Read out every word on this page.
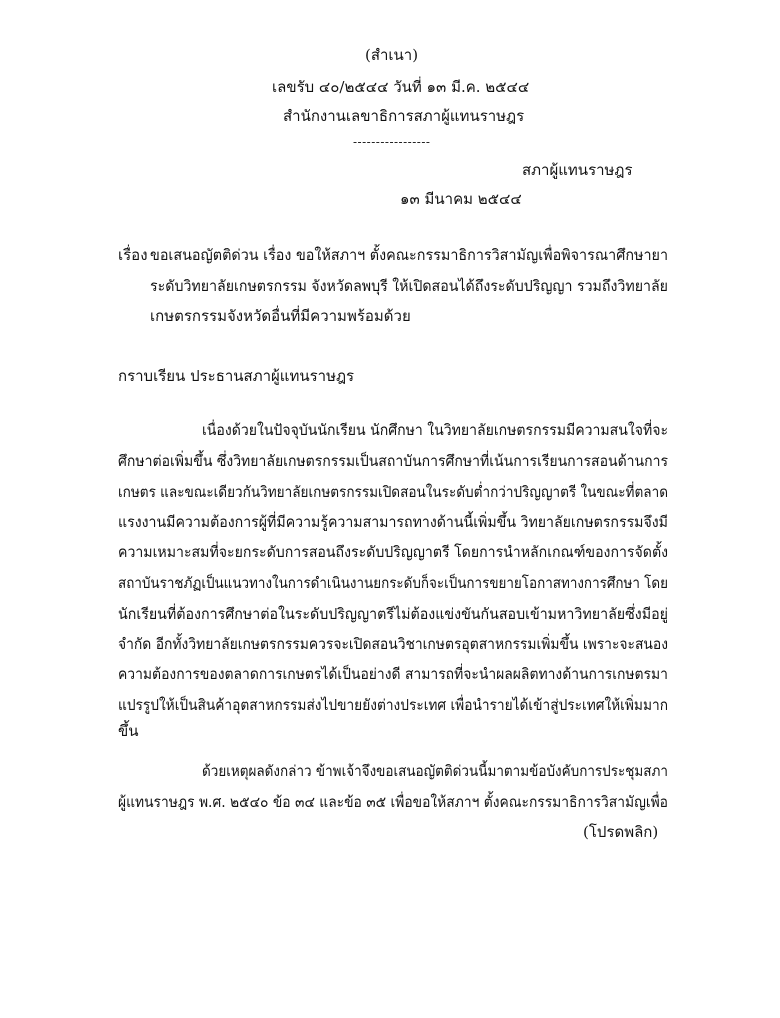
(สำเนา)
เลขรับ ๔๐/๒๕๔๔ วันที่ ๑๓ มี.ค. ๒๕๔๔
สำนักงานเลขาธิการสภาผู้แทนราษฎร
-----------------
สภาผู้แทนราษฎร
๑๓ มีนาคม ๒๕๔๔
เรื่อง ขอเสนอญัตติด่วน เรื่อง ขอให้สภาฯ ตั้งคณะกรรมาธิการวิสามัญเพื่อพิจารณาศึกษายา
ระดับวิทยาลัยเกษตรกรรม จังหวัดลพบุรี ให้เปิดสอนได้ถึงระดับปริญญา รวมถึงวิทยาลัย
เกษตรกรรมจังหวัดอื่นที่มีความพร้อมด้วย
กราบเรียน ประธานสภาผู้แทนราษฎร
เนื่องด้วยในปัจจุบันนักเรียน นักศึกษา ในวิทยาลัยเกษตรกรรมมีความสนใจที่จะ
ศึกษาต่อเพิ่มขึ้น ซึ่งวิทยาลัยเกษตรกรรมเป็นสถาบันการศึกษาที่เน้นการเรียนการสอนด้านการ
เกษตร และขณะเดียวกันวิทยาลัยเกษตรกรรมเปิดสอนในระดับต่ำกว่าปริญญาตรี ในขณะที่ตลาด
แรงงานมีความต้องการผู้ที่มีความรู้ความสามารถทางด้านนี้เพิ่มขึ้น วิทยาลัยเกษตรกรรมจึงมี
ความเหมาะสมที่จะยกระดับการสอนถึงระดับปริญญาตรี โดยการนำหลักเกณฑ์ของการจัดตั้ง
สถาบันราชภัฏเป็นแนวทางในการดำเนินงานยกระดับก็จะเป็นการขยายโอกาสทางการศึกษา โดย
นักเรียนที่ต้องการศึกษาต่อในระดับปริญญาตรีไม่ต้องแข่งขันกันสอบเข้ามหาวิทยาลัยซึ่งมีอยู่
จำกัด อีกทั้งวิทยาลัยเกษตรกรรมควรจะเปิดสอนวิชาเกษตรอุตสาหกรรมเพิ่มขึ้น เพราะจะสนอง
ความต้องการของตลาดการเกษตรได้เป็นอย่างดี สามารถที่จะนำผลผลิตทางด้านการเกษตรมา
แปรรูปให้เป็นสินค้าอุตสาหกรรมส่งไปขายยังต่างประเทศ เพื่อนำรายได้เข้าสู่ประเทศให้เพิ่มมาก
ขึ้น
ด้วยเหตุผลดังกล่าว ข้าพเจ้าจึงขอเสนอญัตติด่วนนี้มาตามข้อบังคับการประชุมสภา
ผู้แทนราษฎร พ.ศ. ๒๕๔๐ ข้อ ๓๔ และข้อ ๓๕ เพื่อขอให้สภาฯ ตั้งคณะกรรมาธิการวิสามัญเพื่อ
(โปรดพลิก)
